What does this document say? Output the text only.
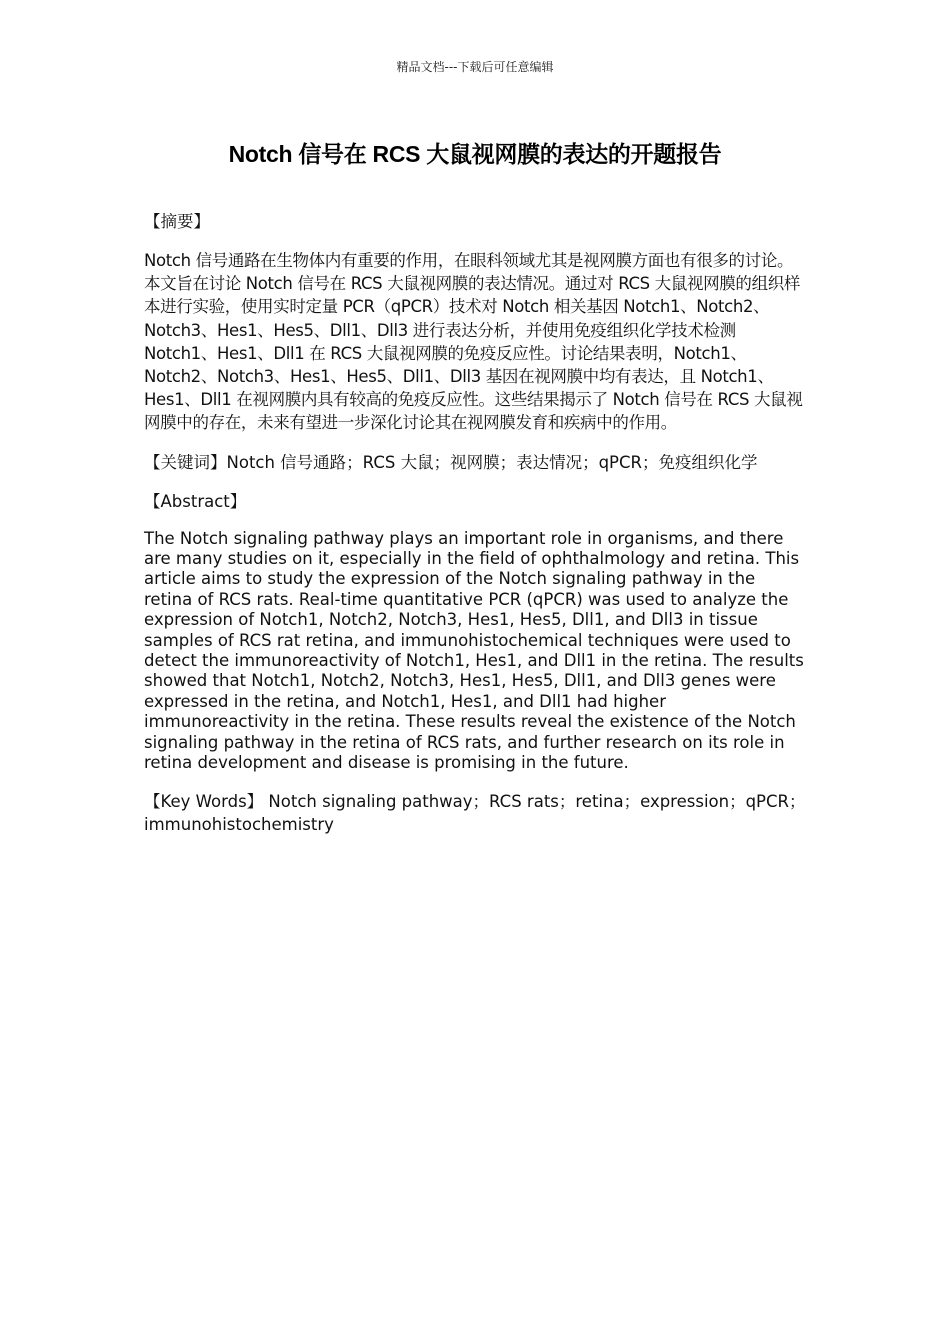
精品文档---下载后可任意编辑
Notch 信号在 RCS 大鼠视网膜的表达的开题报告
【摘要】
Notch 信号通路在生物体内有重要的作用，在眼科领域尤其是视网膜方面也有很多的讨论。本文旨在讨论 Notch 信号在 RCS 大鼠视网膜的表达情况。通过对 RCS 大鼠视网膜的组织样本进行实验，使用实时定量 PCR（qPCR）技术对 Notch 相关基因 Notch1、Notch2、Notch3、Hes1、Hes5、Dll1、Dll3 进行表达分析，并使用免疫组织化学技术检测 Notch1、Hes1、Dll1 在 RCS 大鼠视网膜的免疫反应性。讨论结果表明，Notch1、Notch2、Notch3、Hes1、Hes5、Dll1、Dll3 基因在视网膜中均有表达，且 Notch1、Hes1、Dll1 在视网膜内具有较高的免疫反应性。这些结果揭示了 Notch 信号在 RCS 大鼠视网膜中的存在，未来有望进一步深化讨论其在视网膜发育和疾病中的作用。
【关键词】Notch 信号通路；RCS 大鼠；视网膜；表达情况；qPCR；免疫组织化学
【Abstract】
The Notch signaling pathway plays an important role in organisms, and there are many studies on it, especially in the field of ophthalmology and retina. This article aims to study the expression of the Notch signaling pathway in the retina of RCS rats. Real-time quantitative PCR (qPCR) was used to analyze the expression of Notch1, Notch2, Notch3, Hes1, Hes5, Dll1, and Dll3 in tissue samples of RCS rat retina, and immunohistochemical techniques were used to detect the immunoreactivity of Notch1, Hes1, and Dll1 in the retina. The results showed that Notch1, Notch2, Notch3, Hes1, Hes5, Dll1, and Dll3 genes were expressed in the retina, and Notch1, Hes1, and Dll1 had higher immunoreactivity in the retina. These results reveal the existence of the Notch signaling pathway in the retina of RCS rats, and further research on its role in retina development and disease is promising in the future.
【Key Words】 Notch signaling pathway；RCS rats；retina；expression；qPCR；immunohistochemistry
